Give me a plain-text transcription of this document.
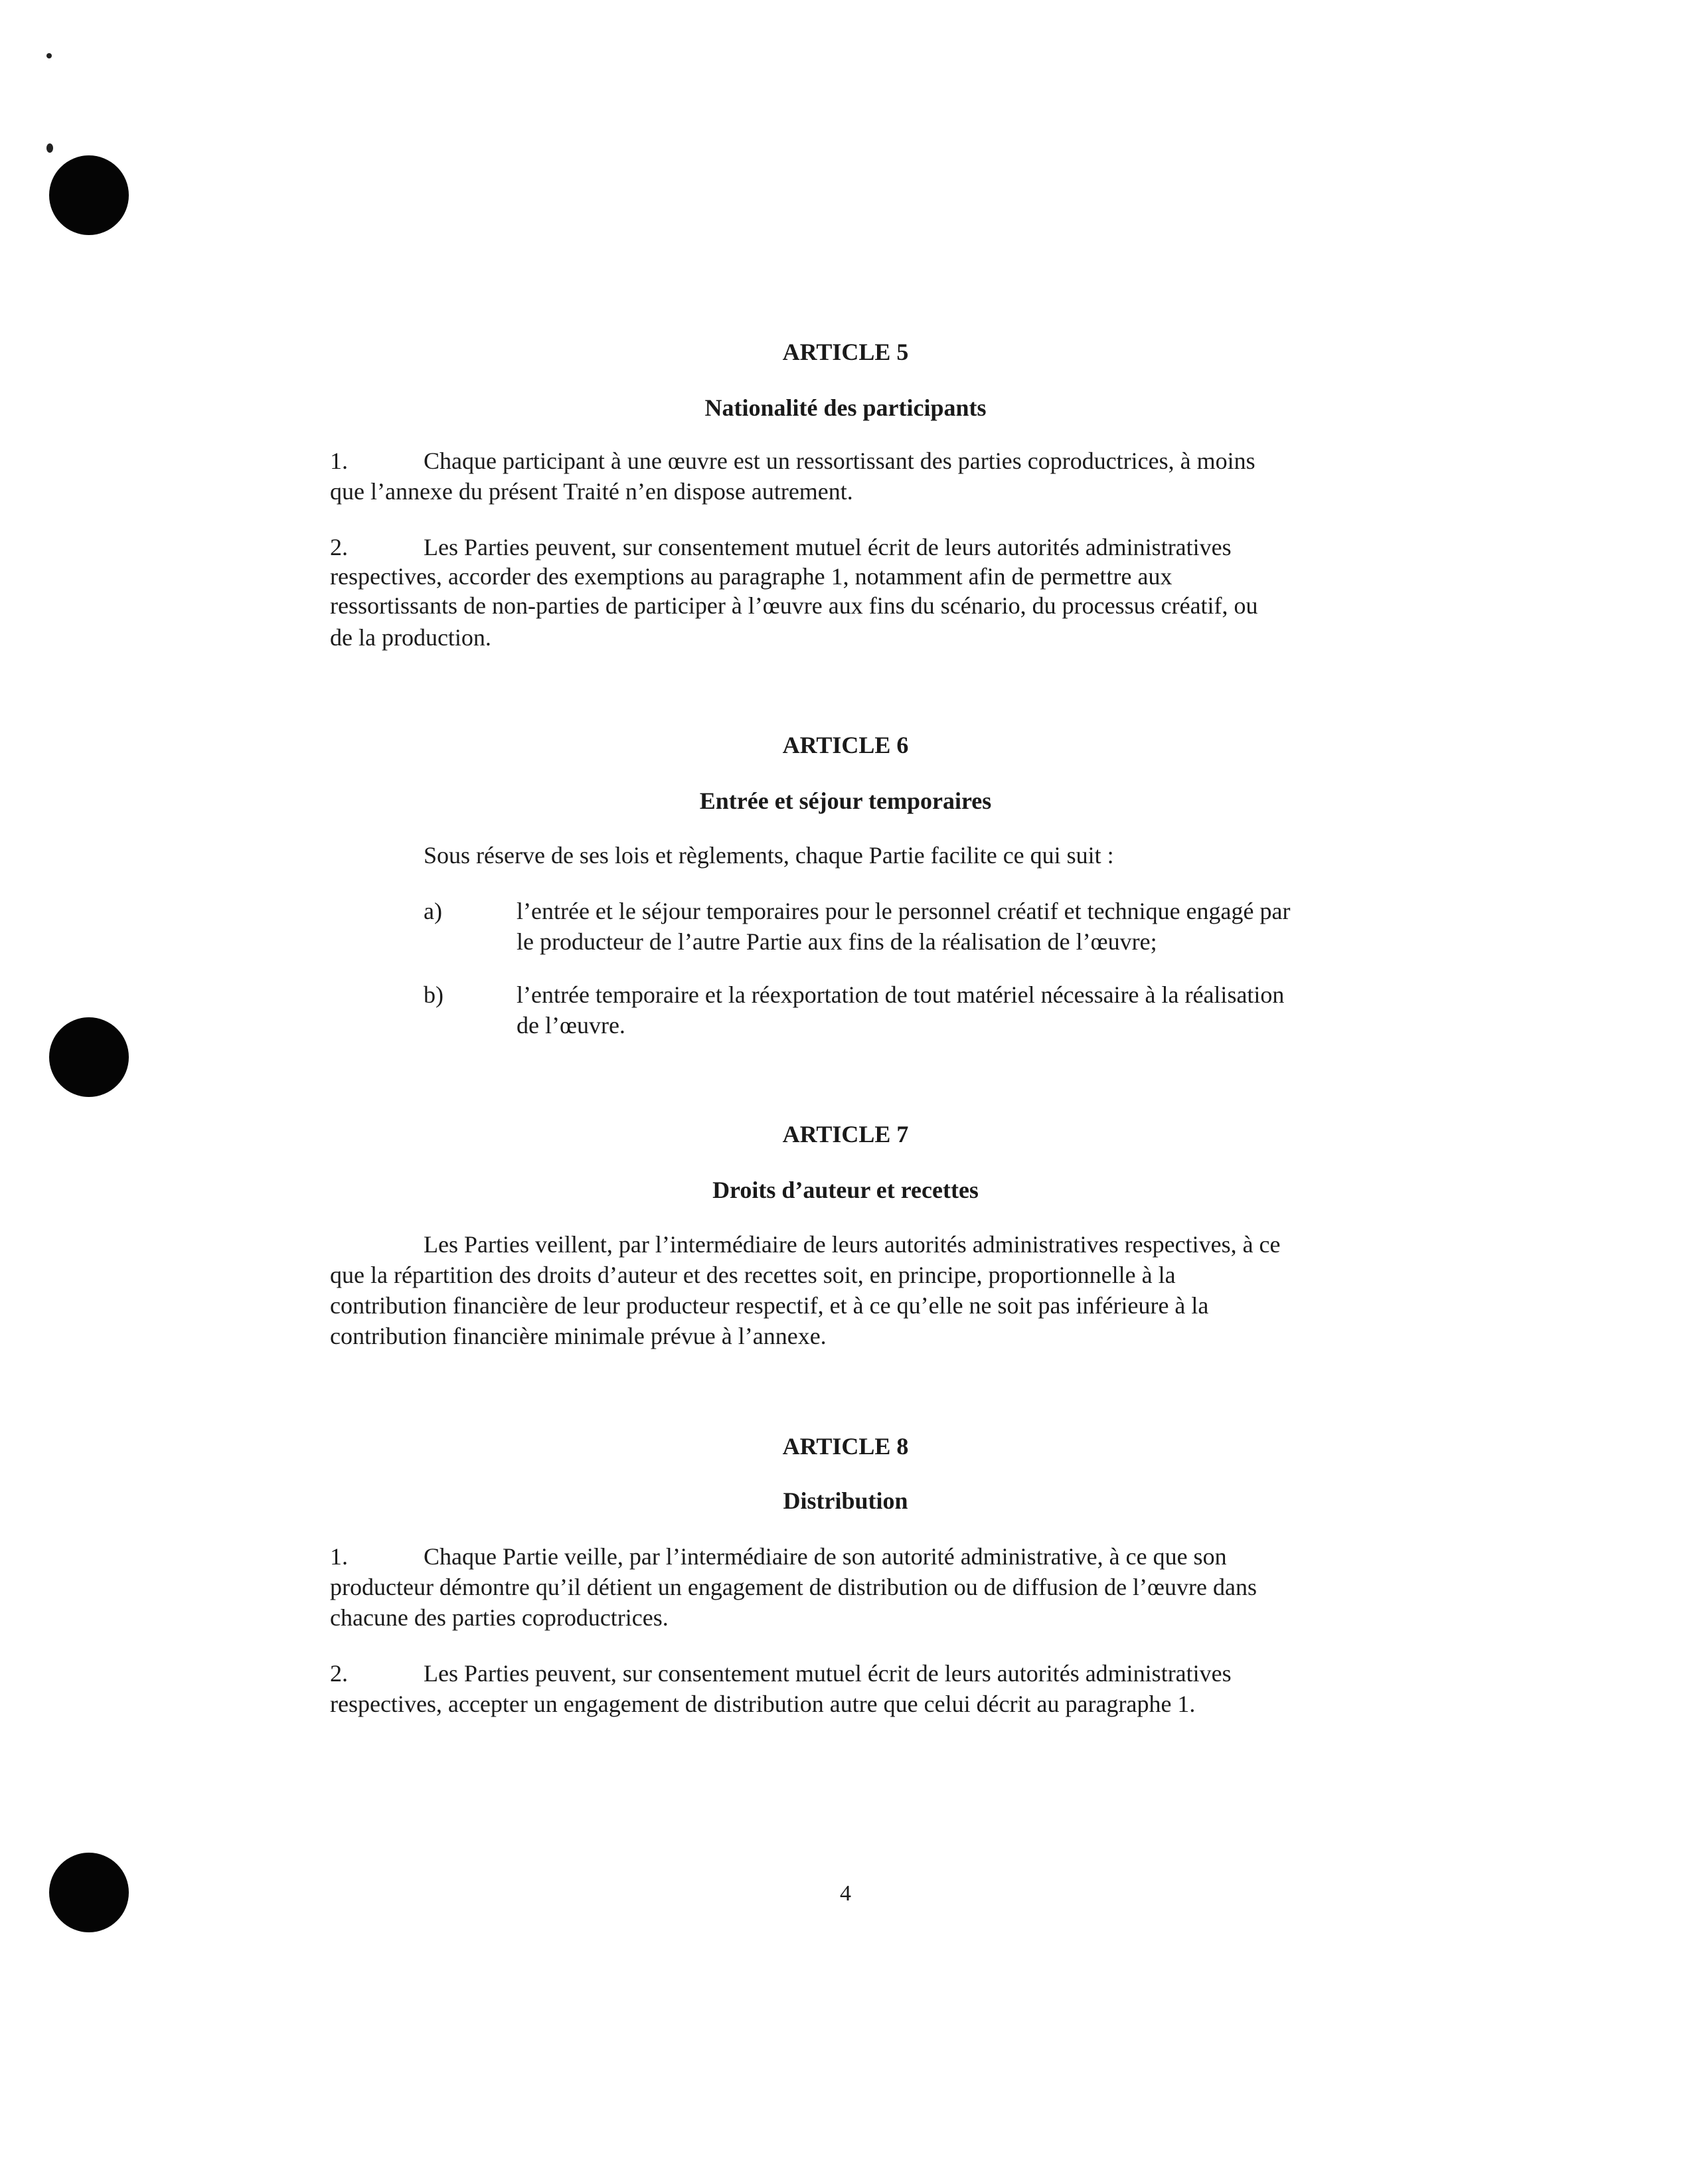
ARTICLE 5
Nationalité des participants
1.	Chaque participant à une œuvre est un ressortissant des parties coproductrices, à moins
que l’annexe du présent Traité n’en dispose autrement.
2.	Les Parties peuvent, sur consentement mutuel écrit de leurs autorités administratives
respectives, accorder des exemptions au paragraphe 1, notamment afin de permettre aux
ressortissants de non-parties de participer à l’œuvre aux fins du scénario, du processus créatif, ou
de la production.
ARTICLE 6
Entrée et séjour temporaires
Sous réserve de ses lois et règlements, chaque Partie facilite ce qui suit :
a)	l’entrée et le séjour temporaires pour le personnel créatif et technique engagé par
le producteur de l’autre Partie aux fins de la réalisation de l’œuvre;
b)	l’entrée temporaire et la réexportation de tout matériel nécessaire à la réalisation
de l’œuvre.
ARTICLE 7
Droits d’auteur et recettes
Les Parties veillent, par l’intermédiaire de leurs autorités administratives respectives, à ce
que la répartition des droits d’auteur et des recettes soit, en principe, proportionnelle à la
contribution financière de leur producteur respectif, et à ce qu’elle ne soit pas inférieure à la
contribution financière minimale prévue à l’annexe.
ARTICLE 8
Distribution
1.	Chaque Partie veille, par l’intermédiaire de son autorité administrative, à ce que son
producteur démontre qu’il détient un engagement de distribution ou de diffusion de l’œuvre dans
chacune des parties coproductrices.
2.	Les Parties peuvent, sur consentement mutuel écrit de leurs autorités administratives
respectives, accepter un engagement de distribution autre que celui décrit au paragraphe 1.
4
